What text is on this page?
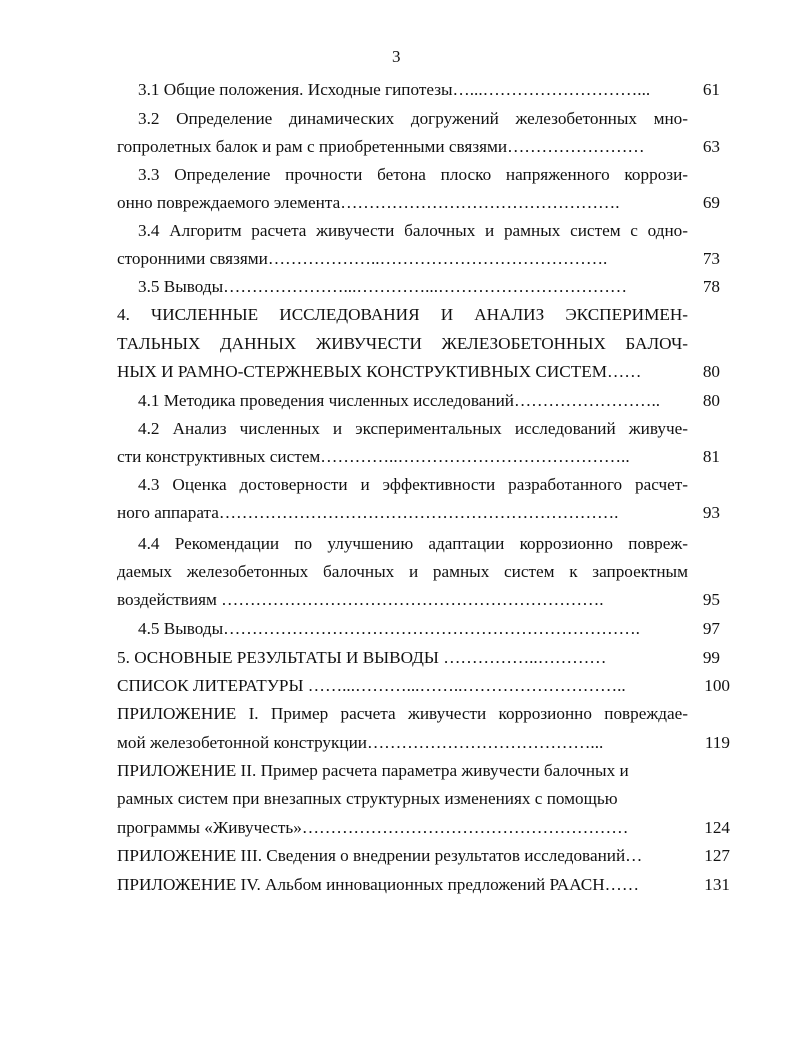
3
3.1 Общие положения. Исходные гипотезы…...………………………...	61
3.2 Определение динамических догружений железобетонных мно-
гопролетных балок и рам с приобретенными связями……………………	63
3.3 Определение прочности бетона плоско напряженного коррози-
онно повреждаемого элемента………………………………………….	69
3.4 Алгоритм расчета живучести балочных и рамных систем с одно-
сторонними связями………………..………………………………….	73
3.5 Выводы…………………...…………...……………………………	78
4. ЧИСЛЕННЫЕ ИССЛЕДОВАНИЯ И АНАЛИЗ ЭКСПЕРИМЕН-
ТАЛЬНЫХ ДАННЫХ ЖИВУЧЕСТИ ЖЕЛЕЗОБЕТОННЫХ БАЛОЧ-
НЫХ И РАМНО-СТЕРЖНЕВЫХ КОНСТРУКТИВНЫХ СИСТЕМ……	80
4.1 Методика проведения численных исследований……………………..	80
4.2 Анализ численных и экспериментальных исследований живуче-
сти конструктивных систем…………..…………………………………..	81
4.3 Оценка достоверности и эффективности разработанного расчет-
ного аппарата…………………………………………………………….	93
4.4 Рекомендации по улучшению адаптации коррозионно повреж-
даемых железобетонных балочных и рамных систем к запроектным
воздействиям ………………………………………………………….	95
4.5 Выводы……………………………………………………………….	97
5. ОСНОВНЫЕ РЕЗУЛЬТАТЫ И ВЫВОДЫ ……………..…………	99
СПИСОК ЛИТЕРАТУРЫ ……...………...……..………………………..	100
ПРИЛОЖЕНИЕ I. Пример расчета живучести коррозионно повреждае-
мой железобетонной конструкции…………………………………...	119
ПРИЛОЖЕНИЕ II. Пример расчета параметра живучести балочных и
рамных систем при внезапных структурных изменениях с помощью
программы «Живучесть»…………………………………………………	124
ПРИЛОЖЕНИЕ III. Сведения о внедрении результатов исследований…	127
ПРИЛОЖЕНИЕ IV. Альбом инновационных предложений РААСН……	131
